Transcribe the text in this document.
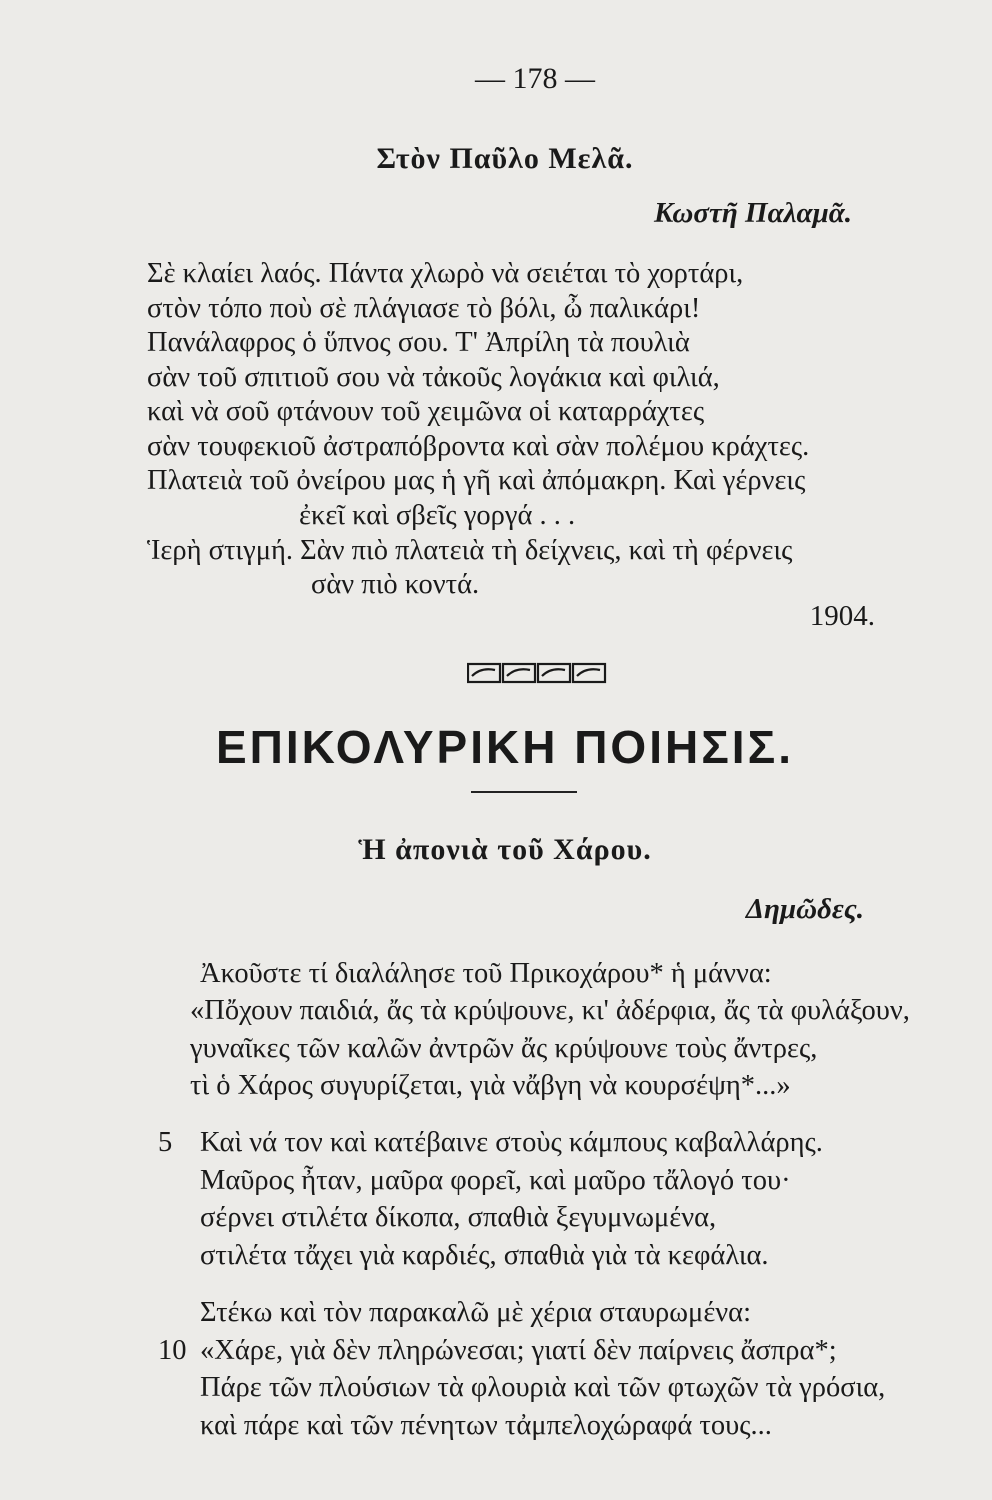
— 178 —
Στὸν Παῦλο Μελᾶ.
Κωστῆ Παλαμᾶ.
Σὲ κλαίει λαός. Πάντα χλωρὸ νὰ σειέται τὸ χορτάρι,
στὸν τόπο ποὺ σὲ πλάγιασε τὸ βόλι, ὦ παλικάρι!
Πανάλαφρος ὁ ὕπνος σου. Τ' Ἀπρίλη τὰ πουλιὰ
σὰν τοῦ σπιτιοῦ σου νὰ τἀκοῦς λογάκια καὶ φιλιά,
καὶ νὰ σοῦ φτάνουν τοῦ χειμῶνα οἱ καταρράχτες
σὰν τουφεκιοῦ ἀστραπόβροντα καὶ σὰν πολέμου κράχτες.
Πλατειὰ τοῦ ὀνείρου μας ἡ γῆ καὶ ἀπόμακρη. Καὶ γέρνεις
ἐκεῖ καὶ σβεῖς γοργά . . .
Ἱερὴ στιγμή. Σὰν πιὸ πλατειὰ τὴ δείχνεις, καὶ τὴ φέρνεις
σὰν πιὸ κοντά.
1904.
ΕΠΙΚΟΛΥΡΙΚΗ ΠΟΙΗΣΙΣ.
Ἡ ἀπονιὰ τοῦ Χάρου.
Δημῶδες.
Ἀκοῦστε τί διαλάλησε τοῦ Πρικοχάρου* ἡ μάννα:
«Πὄχουν παιδιά, ἄς τὰ κρύψουνε, κι' ἀδέρφια, ἄς τὰ φυλάξουν,
γυναῖκες τῶν καλῶν ἀντρῶν ἄς κρύψουνε τοὺς ἄντρες,
τὶ ὁ Χάρος συγυρίζεται, γιὰ νἄβγη νὰ κουρσέψη*...»
5 Καὶ νά τον καὶ κατέβαινε στοὺς κάμπους καβαλλάρης.
Μαῦρος ἦταν, μαῦρα φορεῖ, καὶ μαῦρο τἄλογό του·
σέρνει στιλέτα δίκοπα, σπαθιὰ ξεγυμνωμένα,
στιλέτα τἄχει γιὰ καρδιές, σπαθιὰ γιὰ τὰ κεφάλια.
Στέκω καὶ τὸν παρακαλῶ μὲ χέρια σταυρωμένα:
10 «Χάρε, γιὰ δὲν πληρώνεσαι; γιατί δὲν παίρνεις ἄσπρα*;
Πάρε τῶν πλούσιων τὰ φλουριὰ καὶ τῶν φτωχῶν τὰ γρόσια,
καὶ πάρε καὶ τῶν πένητων τἀμπελοχώραφά τους...
